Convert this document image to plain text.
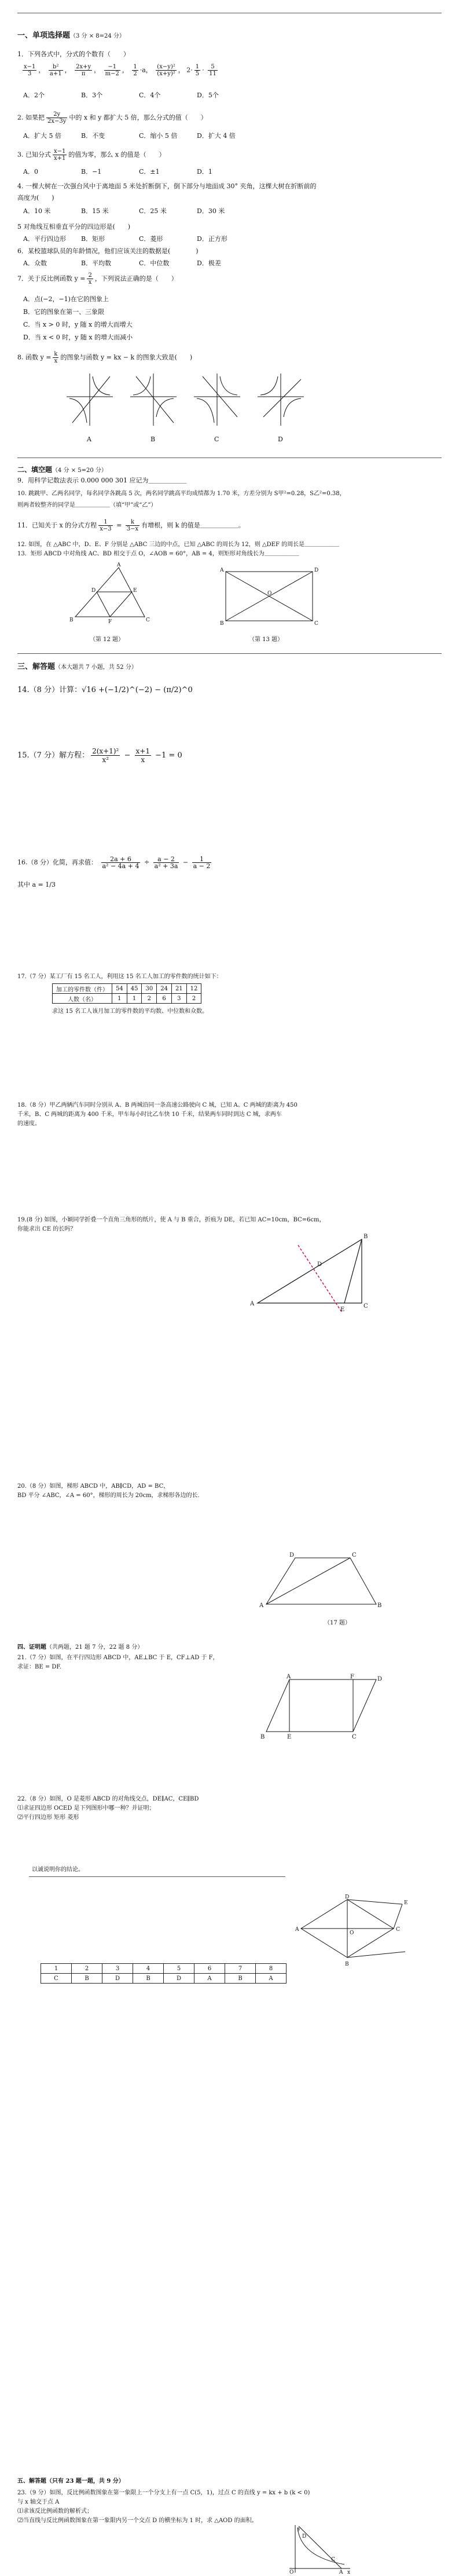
一、单项选择题（3 分 × 8=24 分）
1．下列各式中，分式的个数有（　　）
$\frac{x-1}{3}$ ， $\frac{\text{b²}}{a+1}$ ， $\frac{2x+y}{\pi}$ ， $\frac{-1}{m-2}$ ， $\frac{1}{2} \cdot a$， $\frac{\text{(x−y)²}}{\text{(x+y)²}}$ ， $2\cdot \frac{1}{5} \cdot \frac{5}{11}$
A．2个	B．3个	C．4个	D．5个
2. 如果把 $\frac{2y}{2x-3y}$ 中的 x 和 y 都扩大 5 倍，那么分式的值（　　）
A．扩大 5 倍	B．不变	C．缩小 5 倍	D．扩大 4 倍
3. 已知分式 $\frac{x-1}{x+1}$ 的值为零，那么 x 的值是（　　）
A．0	B．−1	C．±1	D．1
4. 一棵大树在一次强台风中于离地面 5 米处折断倒下，倒下部分与地面成 30° 夹角，这棵大树在折断前的
高度为(　　)
A．10 米	B．15 米	C．25 米	D．30 米
5 对角线互相垂直平分的四边形是(　　)
A．平行四边形 B．矩形	C．菱形	D．正方形
6．某校篮球队员的年龄情况，他们应该关注的数据是(　　　　)
A．众数	B．平均数	C．中位数	D．极差
7．关于反比例函数 $y = \frac{2}{x}$ ，下列说法正确的是（　　）
A．点(−2，−1)在它的图象上
B．它的图象在第一、三象限
C．当 x > 0 时，y 随 x 的增大而增大
D．当 x < 0 时，y 随 x 的增大而减小
8. 函数 $y = \frac{k}{x}$ 的图象与函数 y = kx − k 的图象大致是(　　)
A	B	C	D
二、填空题（4 分 × 5=20 分）
9．用科学记数法表示 0.000 000 301 应记为＿＿＿＿＿＿
10. 跳跳甲、乙两名同学，每名同学各跳高 5 次，两名同学跳高平均成绩都为 1.70 米，方差分别为 S甲²=0.28，S乙²=0.38，
则两者较整齐的同学是＿＿＿＿＿＿（填“甲”或“乙”）
11．已知关于 x 的分式方程 $\frac{1}{x-3} = \frac{k}{3-x}$ 有增根，则 k 的值是＿＿＿＿＿＿。
12. 如图，在 △ABC 中，D、E、F 分别是 △ABC 三边的中点，已知 △ABC 的周长为 12，则 △DEF 的周长是＿＿＿＿＿＿
13．矩形 ABCD 中对角线 AC、BD 相交于点 O，∠AOB = 60°，AB = 4，则矩形对角线长为＿＿＿＿＿＿
A
B	C
D	E
F
（第 12 题）
A	D
B	C
O
（第 13 题）
三、解答题（本大题共 7 小题，共 52 分）
14.（8 分）计算：√16 +(−1/2)^(−2) − (π/2)^0
15.（7 分）解方程： $\frac{\text{2(x+1)²}}{\text{x²}} - \frac{x+1}{x} -1 = 0$
16.（8 分）化简，再求值： $\frac{2a + 6}{\text{a² − 4a + 4}} \div \frac{a - 2}{\text{a² + 3a}} - \frac{1}{a - 2}$
其中 a = 1/3
17.（7 分）某工厂有 15 名工人，利用这 15 名工人加工的零件数的统计如下：
加工的零件数（件）	54	45	30	24	21	12
人数（名）	1	1	2	6	3	2
求这 15 名工人该月加工的零件数的平均数、中位数和众数。
18.（8 分）甲乙两辆汽车同时分别从 A、B 两城沿同一条高速公路驶向 C 城，已知 A、C 两城的距离为 450
千米，B、C 两城的距离为 400 千米，甲车每小时比乙车快 10 千米，结果两车同时到达 C 城，求两车
的速度。
19.(8 分) 如图，小颖同学折叠一个直角三角形的纸片，使 A 与 B 重合，折痕为 DE，若已知 AC=10cm，BC=6cm，
你能求出 CE 的长吗？
A
B
C
E
D
20.（8 分）如图，梯形 ABCD 中，AB∥CD，AD = BC，
BD 平分 ∠ABC，∠A = 60°，梯形的周长为 20cm，求梯形各边的长.
A	B
C
D
（17 题）
四、证明题（共两题，21 题 7 分，22 题 8 分）
21.（7 分）如图，在平行四边形 ABCD 中，AE⊥BC 于 E，CF⊥AD 于 F，
求证：BE = DF.
A	F	D
B	E	C
22.（8 分）如图，O 是菱形 ABCD 的对角线交点，DE∥AC，CE∥BD
⑴求证四边形 OCED 是下列图形中哪一种？并证明；
⑵平行四边形 矩形 菱形
以诚说明你的结论。
A
D
C
B
E
O
1	2	3	4	5	6	7	8
C	B	D	B	D	A	B	A
五、解答题（只有 23 题一题，共 9 分）
23.（9 分）如图，反比例函数图象在第一象限上一个分支上有一点 C(5，1)，过点 C 的直线 y = kx + b (k < 0)
与 x 轴交于点 A
⑴求该反比例函数的解析式；
⑵当直线与反比例函数图象在第一象限内另一个交点 D 的横坐标为 1 时，求 △AOD 的面积。
y
x
O
D
C
A
